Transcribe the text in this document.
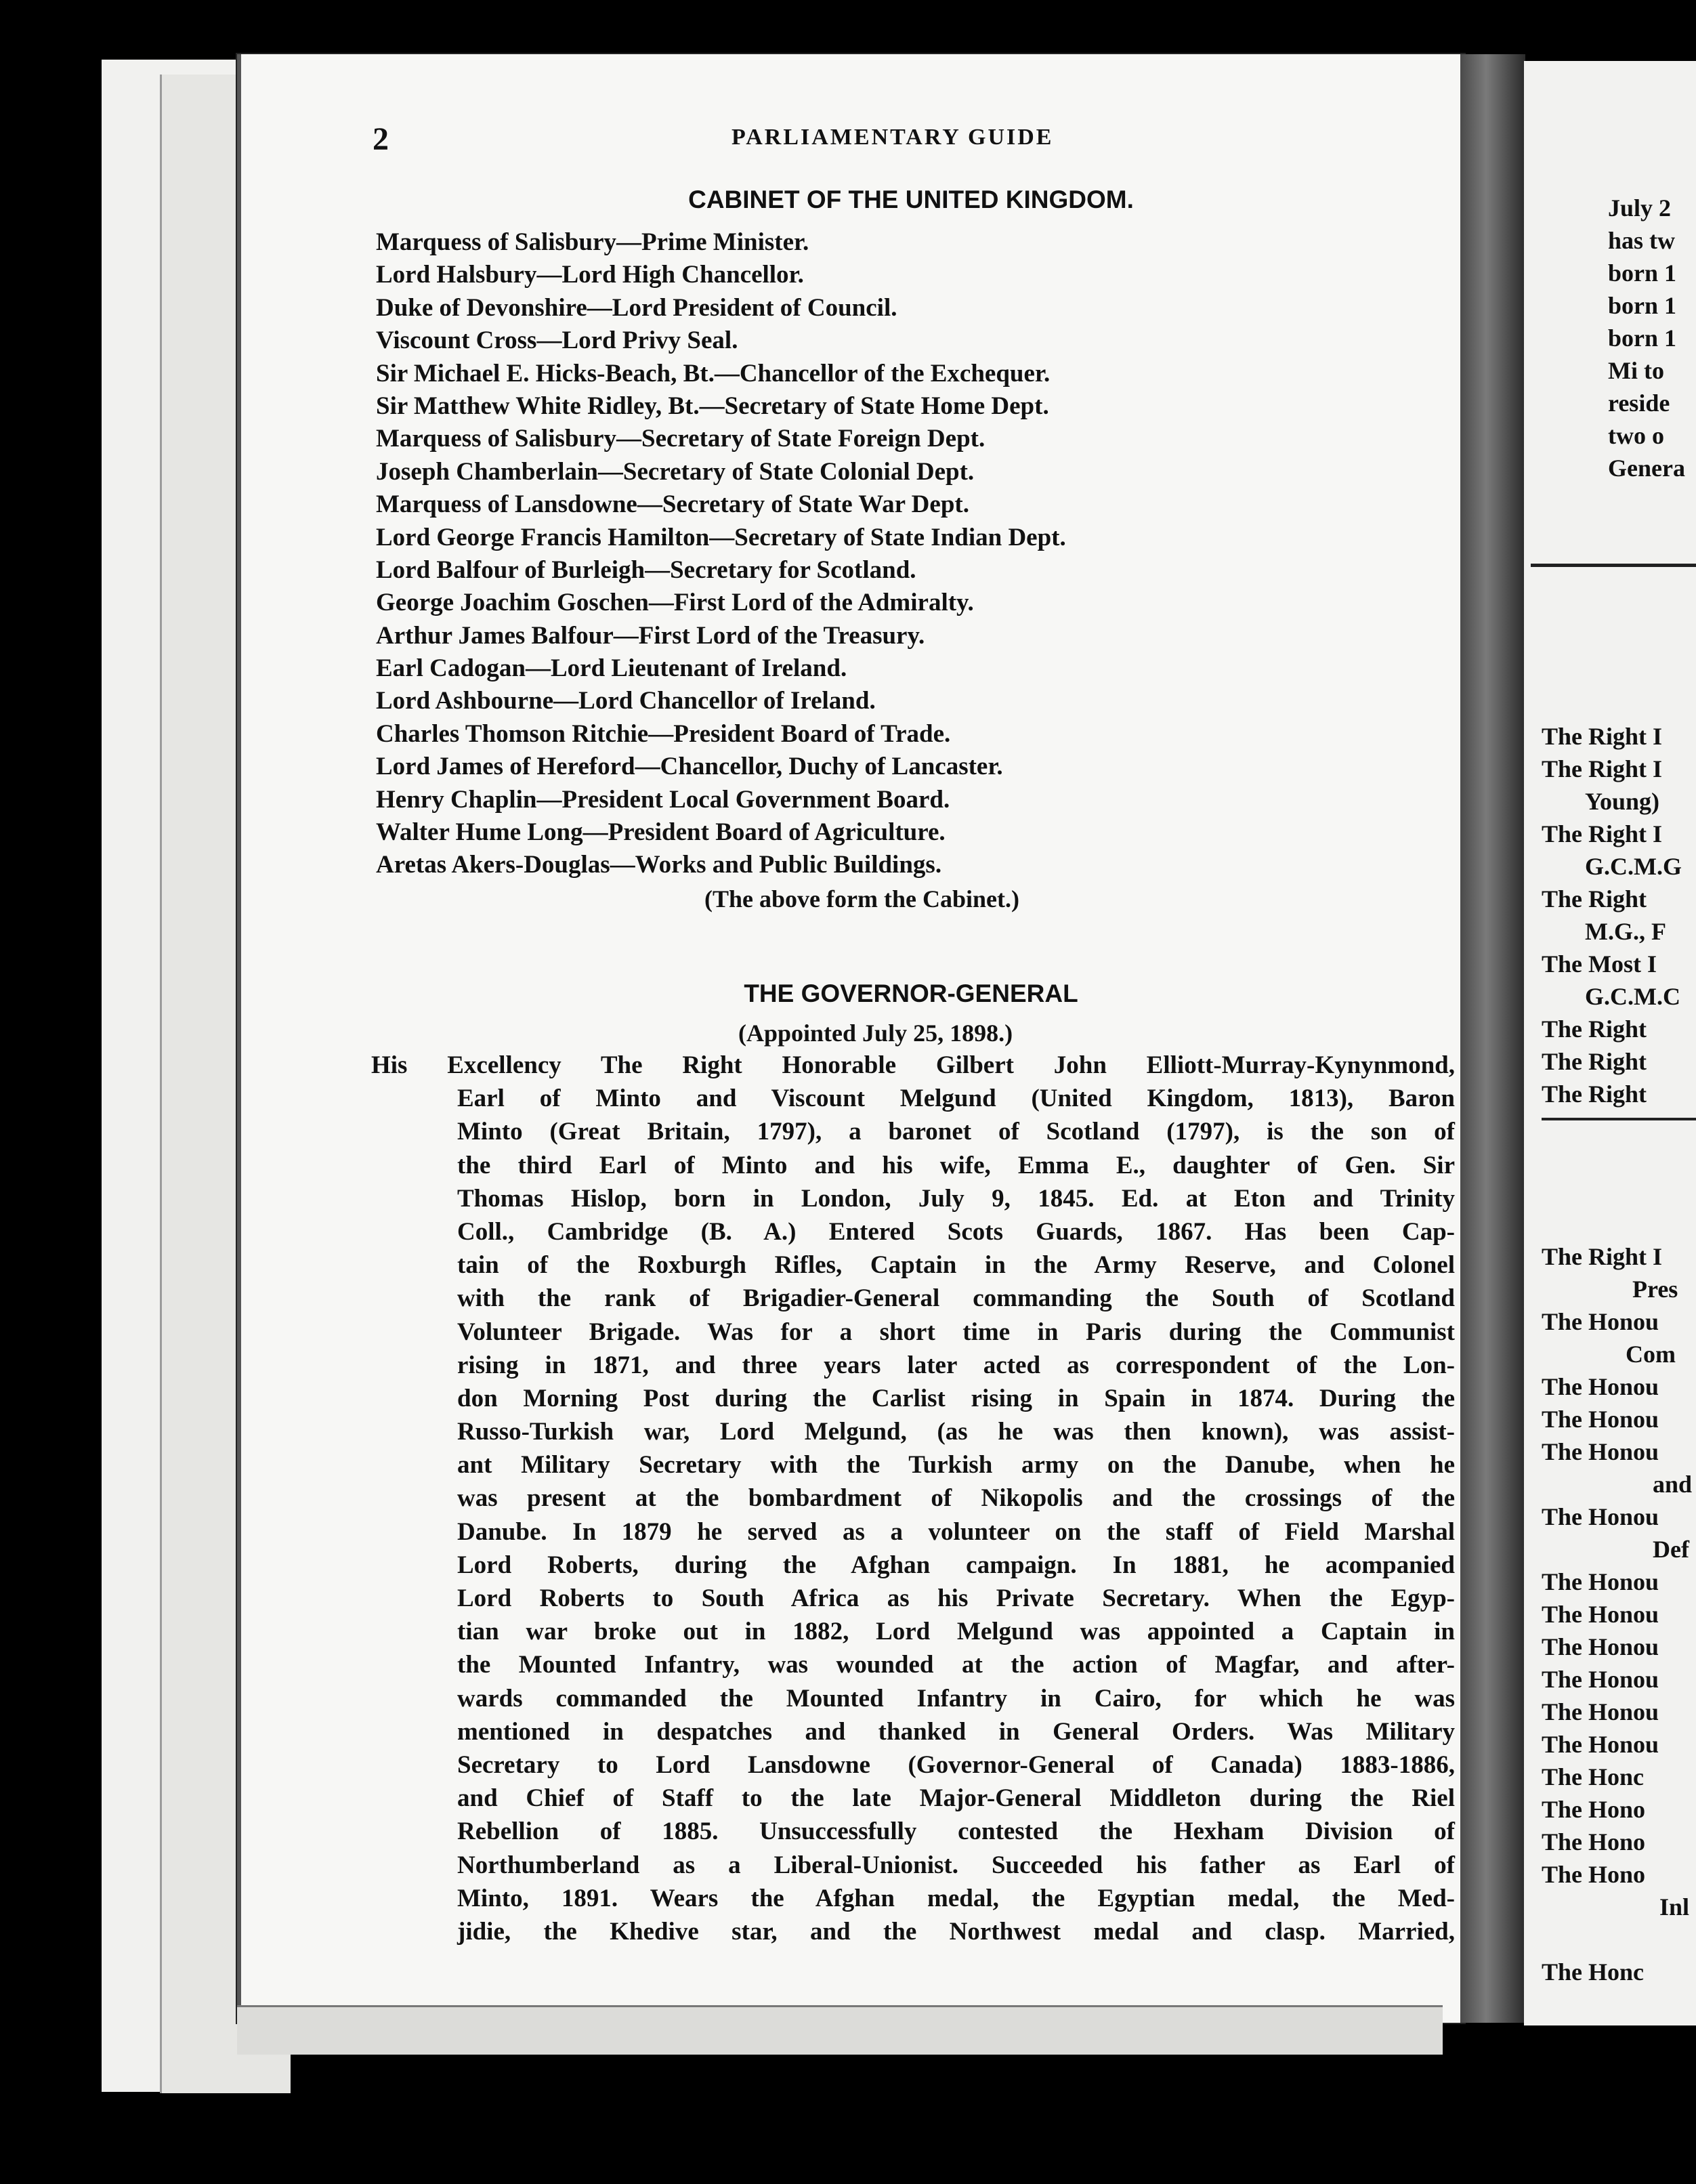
July 2
has tw
born 1
born 1
born 1
Mi to
reside
two o
Genera
The Right I
The Right I
Young)
The Right I
G.C.M.G
The Right
M.G., F
The Most I
G.C.M.C
The Right
The Right
The Right
The Right I
Pres
The Honou
Com
The Honou
The Honou
The Honou
and
The Honou
Def
The Honou
The Honou
The Honou
The Honou
The Honou
The Honou
The Honc
The Hono
The Hono
The Hono
Inl
The Honc
2	PARLIAMENTARY GUIDE
CABINET OF THE UNITED KINGDOM.
Marquess of Salisbury—Prime Minister.
Lord Halsbury—Lord High Chancellor.
Duke of Devonshire—Lord President of Council.
Viscount Cross—Lord Privy Seal.
Sir Michael E. Hicks-Beach, Bt.—Chancellor of the Exchequer.
Sir Matthew White Ridley, Bt.—Secretary of State Home Dept.
Marquess of Salisbury—Secretary of State Foreign Dept.
Joseph Chamberlain—Secretary of State Colonial Dept.
Marquess of Lansdowne—Secretary of State War Dept.
Lord George Francis Hamilton—Secretary of State Indian Dept.
Lord Balfour of Burleigh—Secretary for Scotland.
George Joachim Goschen—First Lord of the Admiralty.
Arthur James Balfour—First Lord of the Treasury.
Earl Cadogan—Lord Lieutenant of Ireland.
Lord Ashbourne—Lord Chancellor of Ireland.
Charles Thomson Ritchie—President Board of Trade.
Lord James of Hereford—Chancellor, Duchy of Lancaster.
Henry Chaplin—President Local Government Board.
Walter Hume Long—President Board of Agriculture.
Aretas Akers-Douglas—Works and Public Buildings.
(The above form the Cabinet.)
THE GOVERNOR-GENERAL
(Appointed July 25, 1898.)
His Excellency The Right Honorable Gilbert John Elliott-Murray-Kynynmond,
Earl of Minto and Viscount Melgund (United Kingdom, 1813), Baron
Minto (Great Britain, 1797), a baronet of Scotland (1797), is the son of
the third Earl of Minto and his wife, Emma E., daughter of Gen. Sir
Thomas Hislop, born in London, July 9, 1845. Ed. at Eton and Trinity
Coll., Cambridge (B. A.) Entered Scots Guards, 1867. Has been Cap-
tain of the Roxburgh Rifles, Captain in the Army Reserve, and Colonel
with the rank of Brigadier-General commanding the South of Scotland
Volunteer Brigade. Was for a short time in Paris during the Communist
rising in 1871, and three years later acted as correspondent of the Lon-
don Morning Post during the Carlist rising in Spain in 1874. During the
Russo-Turkish war, Lord Melgund, (as he was then known), was assist-
ant Military Secretary with the Turkish army on the Danube, when he
was present at the bombardment of Nikopolis and the crossings of the
Danube. In 1879 he served as a volunteer on the staff of Field Marshal
Lord Roberts, during the Afghan campaign. In 1881, he acompanied
Lord Roberts to South Africa as his Private Secretary. When the Egyp-
tian war broke out in 1882, Lord Melgund was appointed a Captain in
the Mounted Infantry, was wounded at the action of Magfar, and after-
wards commanded the Mounted Infantry in Cairo, for which he was
mentioned in despatches and thanked in General Orders. Was Military
Secretary to Lord Lansdowne (Governor-General of Canada) 1883-1886,
and Chief of Staff to the late Major-General Middleton during the Riel
Rebellion of 1885. Unsuccessfully contested the Hexham Division of
Northumberland as a Liberal-Unionist. Succeeded his father as Earl of
Minto, 1891. Wears the Afghan medal, the Egyptian medal, the Med-
jidie, the Khedive star, and the Northwest medal and clasp. Married,
